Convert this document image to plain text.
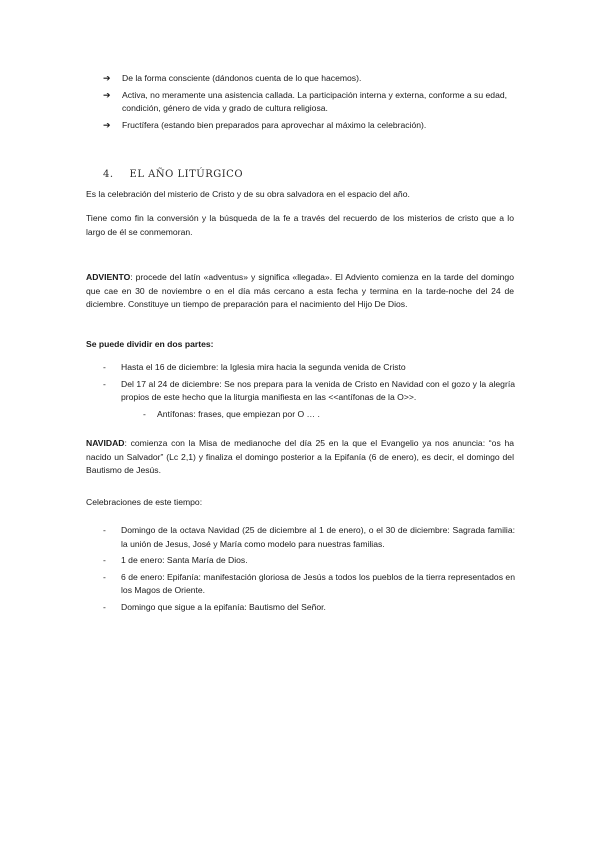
➔ De la forma consciente (dándonos cuenta de lo que hacemos).
➔ Activa, no meramente una asistencia callada. La participación interna y externa, conforme a su edad, condición, género de vida y grado de cultura religiosa.
➔ Fructífera (estando bien preparados para aprovechar al máximo la celebración).
4. EL AÑO LITÚRGICO

Es la celebración del misterio de Cristo y de su obra salvadora en el espacio del año.

Tiene como fin la conversión y la búsqueda de la fe a través del recuerdo de los misterios de cristo que a lo largo de él se conmemoran.

ADVIENTO: procede del latín «adventus» y significa «llegada». El Adviento comienza en la tarde del domingo que cae en 30 de noviembre o en el día más cercano a esta fecha y termina en la tarde-noche del 24 de diciembre. Constituye un tiempo de preparación para el nacimiento del Hijo De Dios.

Se puede dividir en dos partes:

- Hasta el 16 de diciembre: la Iglesia mira hacia la segunda venida de Cristo
- Del 17 al 24 de diciembre: Se nos prepara para la venida de Cristo en Navidad con el gozo y la alegría propios de este hecho que la liturgia manifiesta en las <<antífonas de la O>>.
- Antífonas: frases, que empiezan por O … .

NAVIDAD: comienza con la Misa de medianoche del día 25 en la que el Evangelio ya nos anuncia: “os ha nacido un Salvador” (Lc 2,1) y finaliza el domingo posterior a la Epifanía (6 de enero), es decir, el domingo del Bautismo de Jesús.

Celebraciones de este tiempo:

- Domingo de la octava Navidad (25 de diciembre al 1 de enero), o el 30 de diciembre: Sagrada familia: la unión de Jesus, José y María como modelo para nuestras familias.
- 1 de enero: Santa María de Dios.
- 6 de enero: Epifanía: manifestación gloriosa de Jesús a todos los pueblos de la tierra representados en los Magos de Oriente.
- Domingo que sigue a la epifanía: Bautismo del Señor.
